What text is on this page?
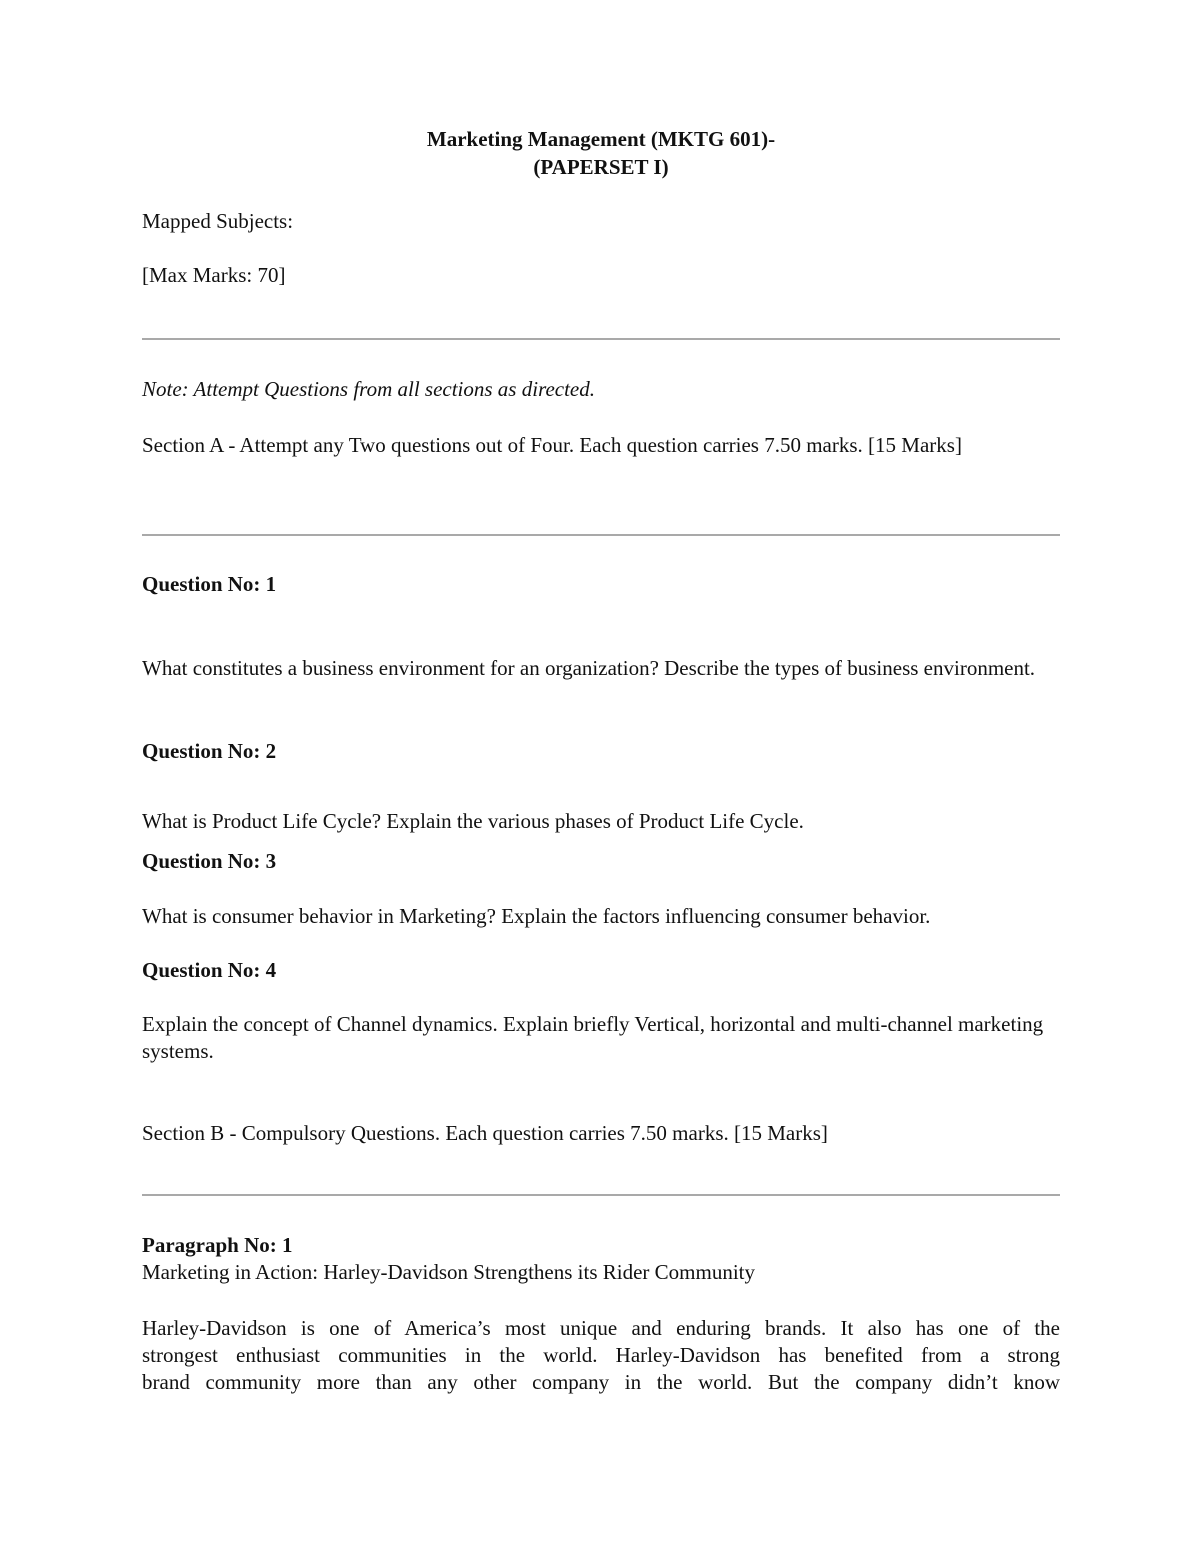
Marketing Management (MKTG 601)-

(PAPERSET I)

Mapped Subjects:

[Max Marks: 70]

Note: Attempt Questions from all sections as directed.

Section A - Attempt any Two questions out of Four. Each question carries 7.50 marks. [15 Marks]

Question No: 1

What constitutes a business environment for an organization? Describe the types of business environment.

Question No: 2

What is Product Life Cycle? Explain the various phases of Product Life Cycle.

Question No: 3

What is consumer behavior in Marketing? Explain the factors influencing consumer behavior.

Question No: 4

Explain the concept of Channel dynamics. Explain briefly Vertical, horizontal and multi-channel marketing systems.

Section B - Compulsory Questions. Each question carries 7.50 marks. [15 Marks]

Paragraph No: 1

Marketing in Action: Harley-Davidson Strengthens its Rider Community

Harley-Davidson is one of America’s most unique and enduring brands. It also has one of the

strongest enthusiast communities in the world. Harley-Davidson has benefited from a strong

brand community more than any other company in the world. But the company didn’t know
